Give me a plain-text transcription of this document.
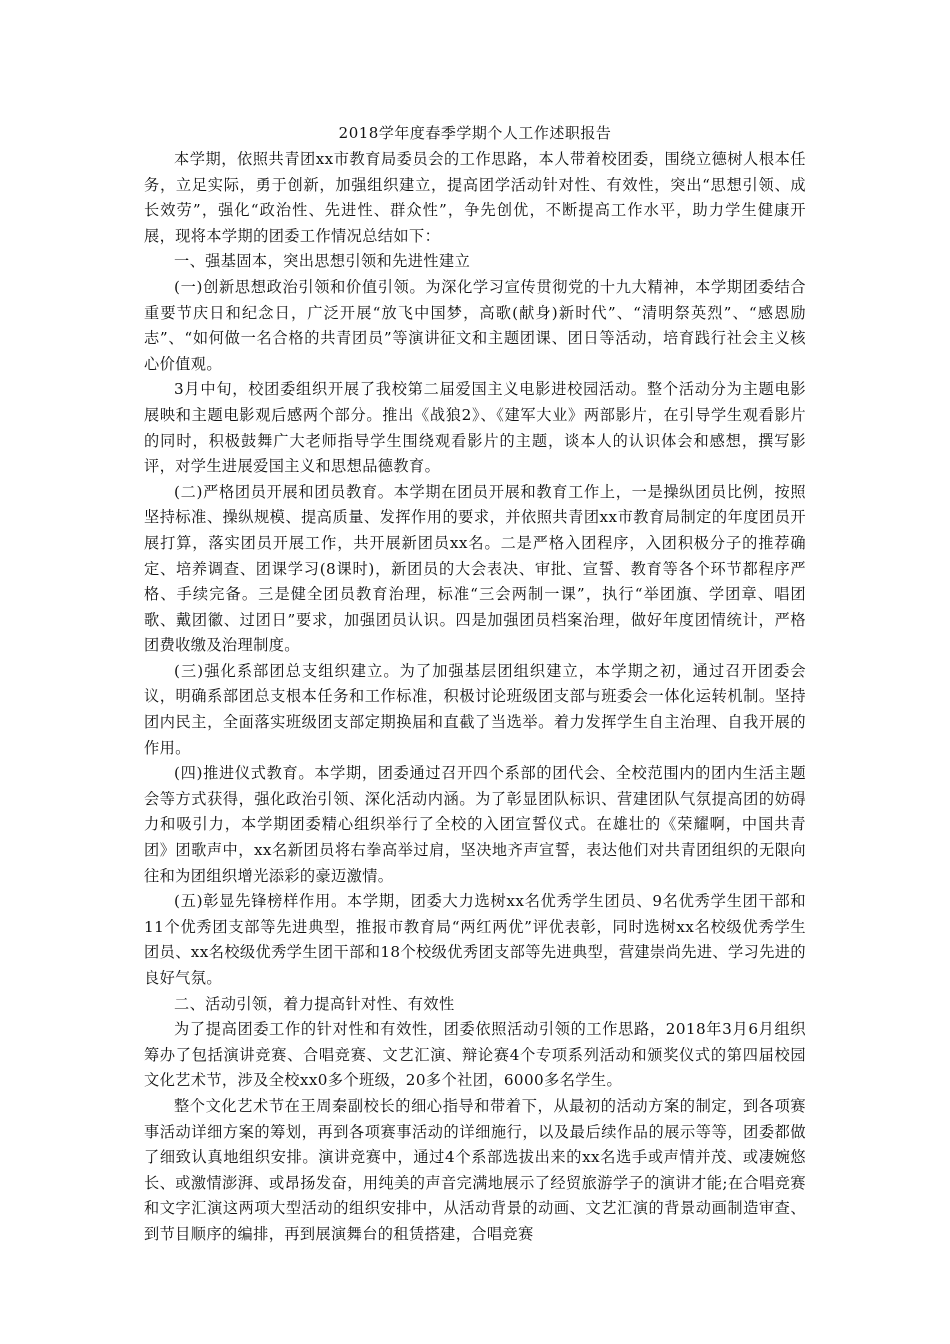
2018学年度春季学期个人工作述职报告

本学期，依照共青团xx市教育局委员会的工作思路，本人带着校团委，围绕立德树人根本任务，立足实际，勇于创新，加强组织建立，提高团学活动针对性、有效性，突出“思想引领、成长效劳”，强化“政治性、先进性、群众性”，争先创优，不断提高工作水平，助力学生健康开展，现将本学期的团委工作情况总结如下：

一、强基固本，突出思想引领和先进性建立

(一)创新思想政治引领和价值引领。为深化学习宣传贯彻党的十九大精神，本学期团委结合重要节庆日和纪念日，广泛开展“放飞中国梦，高歌(献身)新时代”、“清明祭英烈”、“感恩励志”、“如何做一名合格的共青团员”等演讲征文和主题团课、团日等活动，培育践行社会主义核心价值观。

3月中旬，校团委组织开展了我校第二届爱国主义电影进校园活动。整个活动分为主题电影展映和主题电影观后感两个部分。推出《战狼2》、《建军大业》两部影片，在引导学生观看影片的同时，积极鼓舞广大老师指导学生围绕观看影片的主题，谈本人的认识体会和感想，撰写影评，对学生进展爱国主义和思想品德教育。

(二)严格团员开展和团员教育。本学期在团员开展和教育工作上，一是操纵团员比例，按照坚持标准、操纵规模、提高质量、发挥作用的要求，并依照共青团xx市教育局制定的年度团员开展打算，落实团员开展工作，共开展新团员xx名。二是严格入团程序，入团积极分子的推荐确定、培养调查、团课学习(8课时)，新团员的大会表决、审批、宣誓、教育等各个环节都程序严格、手续完备。三是健全团员教育治理，标准“三会两制一课”，执行“举团旗、学团章、唱团歌、戴团徽、过团日”要求，加强团员认识。四是加强团员档案治理，做好年度团情统计，严格团费收缴及治理制度。

(三)强化系部团总支组织建立。为了加强基层团组织建立，本学期之初，通过召开团委会议，明确系部团总支根本任务和工作标准，积极讨论班级团支部与班委会一体化运转机制。坚持团内民主，全面落实班级团支部定期换届和直截了当选举。着力发挥学生自主治理、自我开展的作用。

(四)推进仪式教育。本学期，团委通过召开四个系部的团代会、全校范围内的团内生活主题会等方式获得，强化政治引领、深化活动内涵。为了彰显团队标识、营建团队气氛提高团的妨碍力和吸引力，本学期团委精心组织举行了全校的入团宣誓仪式。在雄壮的《荣耀啊，中国共青团》团歌声中，xx名新团员将右拳高举过肩，坚决地齐声宣誓，表达他们对共青团组织的无限向往和为团组织增光添彩的豪迈激情。

(五)彰显先锋榜样作用。本学期，团委大力选树xx名优秀学生团员、9名优秀学生团干部和11个优秀团支部等先进典型，推报市教育局“两红两优”评优表彰，同时选树xx名校级优秀学生团员、xx名校级优秀学生团干部和18个校级优秀团支部等先进典型，营建崇尚先进、学习先进的良好气氛。

二、活动引领，着力提高针对性、有效性

为了提高团委工作的针对性和有效性，团委依照活动引领的工作思路，2018年3月6月组织筹办了包括演讲竞赛、合唱竞赛、文艺汇演、辩论赛4个专项系列活动和颁奖仪式的第四届校园文化艺术节，涉及全校xx0多个班级，20多个社团，6000多名学生。

整个文化艺术节在王周秦副校长的细心指导和带着下，从最初的活动方案的制定，到各项赛事活动详细方案的筹划，再到各项赛事活动的详细施行，以及最后续作品的展示等等，团委都做了细致认真地组织安排。演讲竞赛中，通过4个系部选拔出来的xx名选手或声情并茂、或凄婉悠长、或激情澎湃、或昂扬发奋，用纯美的声音完满地展示了经贸旅游学子的演讲才能;在合唱竞赛和文字汇演这两项大型活动的组织安排中，从活动背景的动画、文艺汇演的背景动画制造审查、到节目顺序的编排，再到展演舞台的租赁搭建，合唱竞赛
